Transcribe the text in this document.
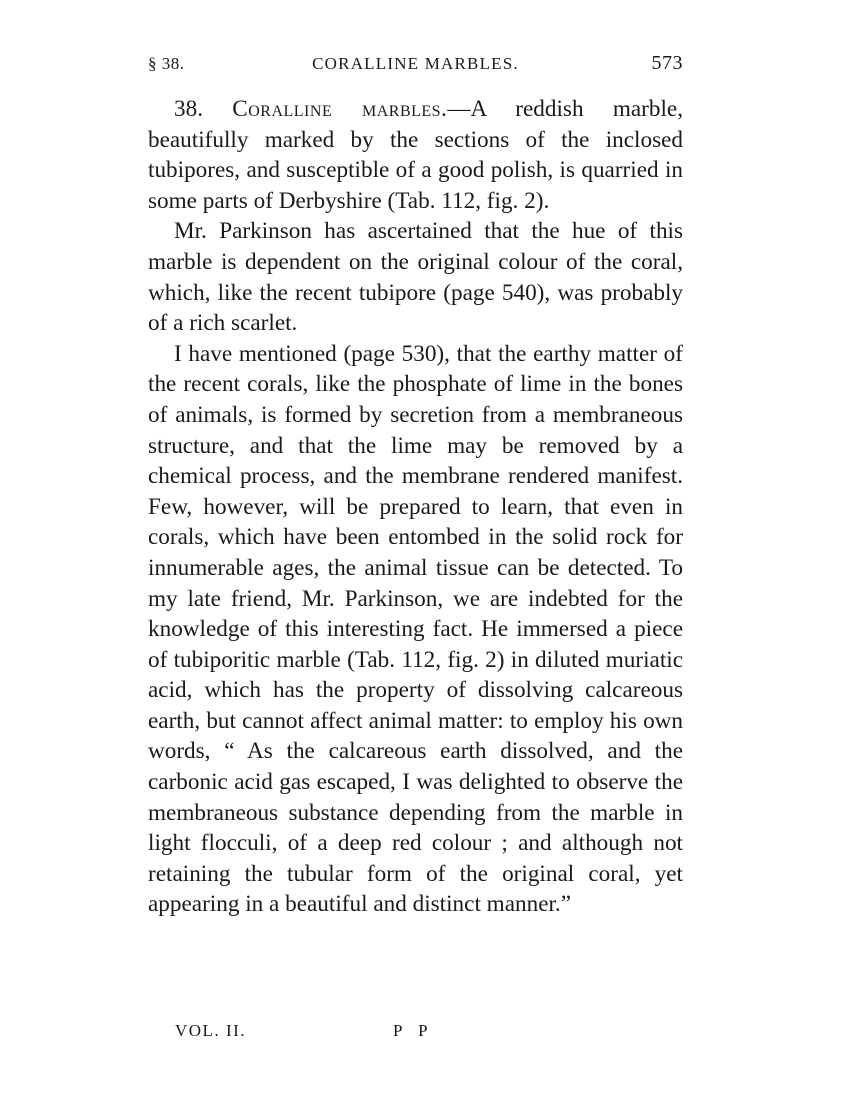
§ 38.	CORALLINE MARBLES.	573

38. Coralline marbles.—A reddish marble, beautifully marked by the sections of the inclosed tubipores, and susceptible of a good polish, is quarried in some parts of Derbyshire (Tab. 112, fig. 2).

Mr. Parkinson has ascertained that the hue of this marble is dependent on the original colour of the coral, which, like the recent tubipore (page 540), was probably of a rich scarlet.

I have mentioned (page 530), that the earthy matter of the recent corals, like the phosphate of lime in the bones of animals, is formed by secretion from a membraneous structure, and that the lime may be removed by a chemical process, and the membrane rendered manifest. Few, however, will be prepared to learn, that even in corals, which have been entombed in the solid rock for innumerable ages, the animal tissue can be detected. To my late friend, Mr. Parkinson, we are indebted for the knowledge of this interesting fact. He immersed a piece of tubiporitic marble (Tab. 112, fig. 2) in diluted muriatic acid, which has the property of dissolving calcareous earth, but cannot affect animal matter: to employ his own words, “ As the calcareous earth dissolved, and the carbonic acid gas escaped, I was delighted to observe the membraneous substance depending from the marble in light flocculi, of a deep red colour ; and although not retaining the tubular form of the original coral, yet appearing in a beautiful and distinct manner.”

VOL. II.	P P
